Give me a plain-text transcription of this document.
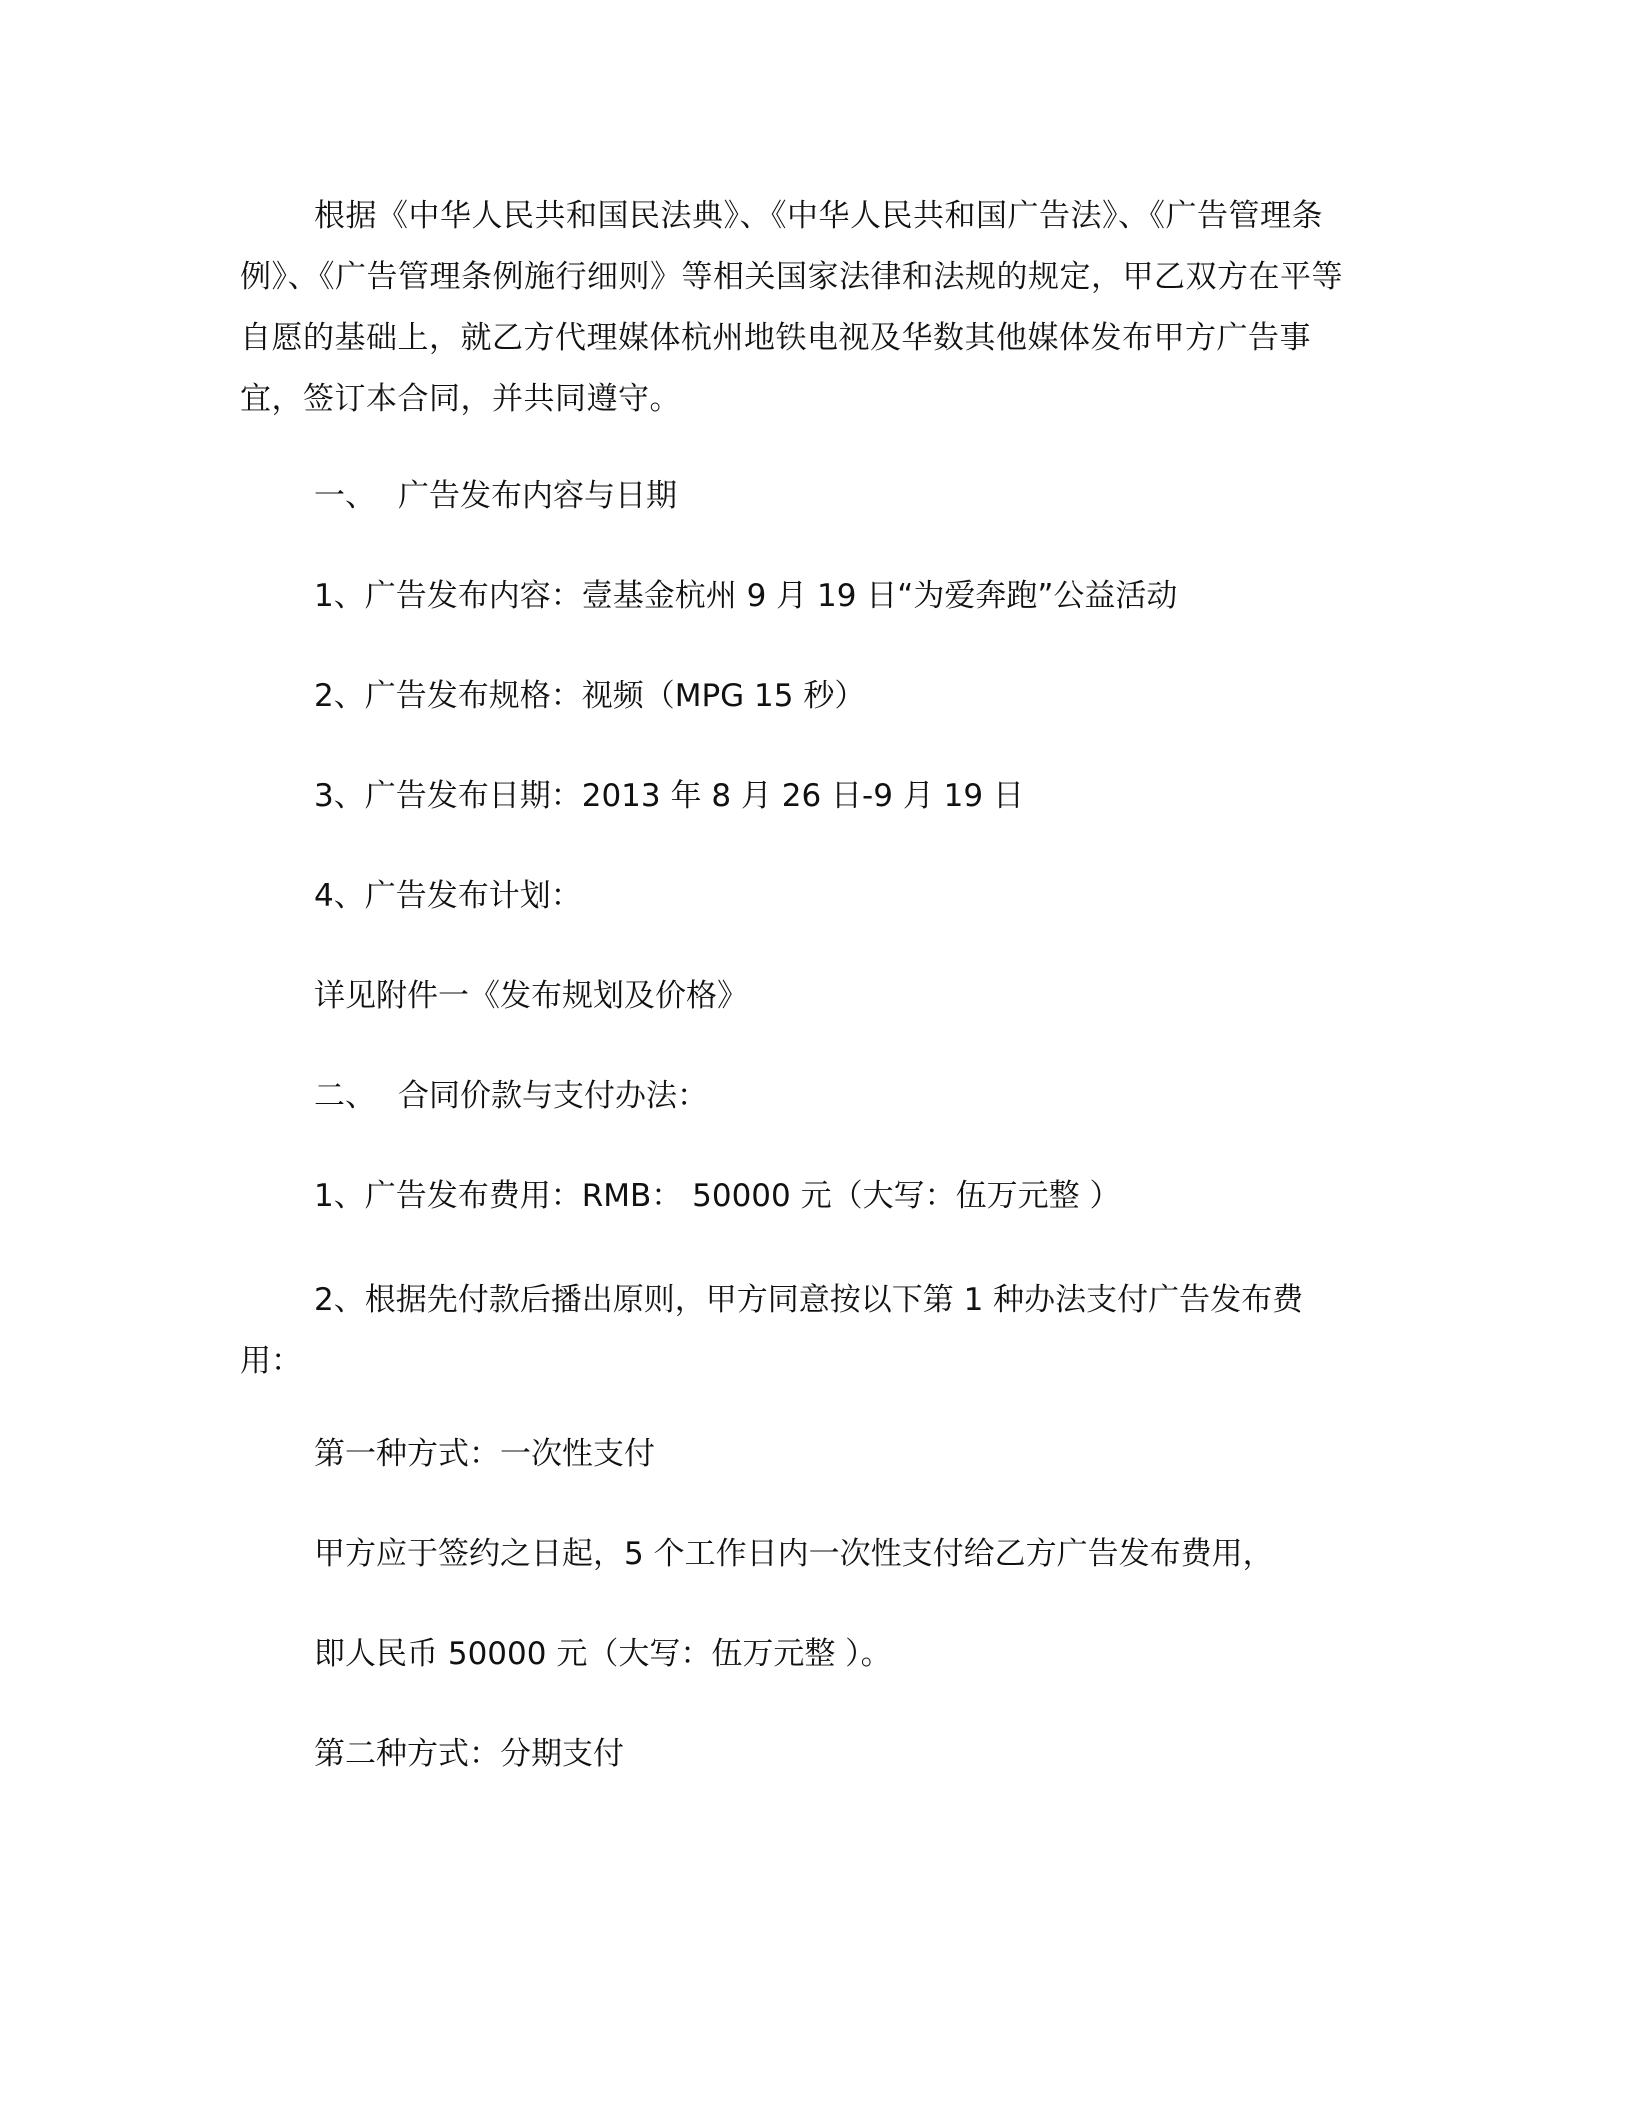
根据《中华人民共和国民法典》、《中华人民共和国广告法》、《广告管理条例》、《广告管理条例施行细则》等相关国家法律和法规的规定，甲乙双方在平等自愿的基础上，就乙方代理媒体杭州地铁电视及华数其他媒体发布甲方广告事宜，签订本合同，并共同遵守。

一、 广告发布内容与日期

1、广告发布内容：壹基金杭州 9 月 19 日“为爱奔跑”公益活动

2、广告发布规格：视频（MPG 15 秒）

3、广告发布日期：2013 年 8 月 26 日-9 月 19 日

4、广告发布计划：

详见附件一《发布规划及价格》

二、 合同价款与支付办法：

1、广告发布费用：RMB： 50000 元（大写：伍万元整 ）

2、根据先付款后播出原则，甲方同意按以下第 1 种办法支付广告发布费用：

第一种方式：一次性支付

甲方应于签约之日起，5 个工作日内一次性支付给乙方广告发布费用，

即人民币 50000 元（大写：伍万元整 ）。

第二种方式：分期支付
